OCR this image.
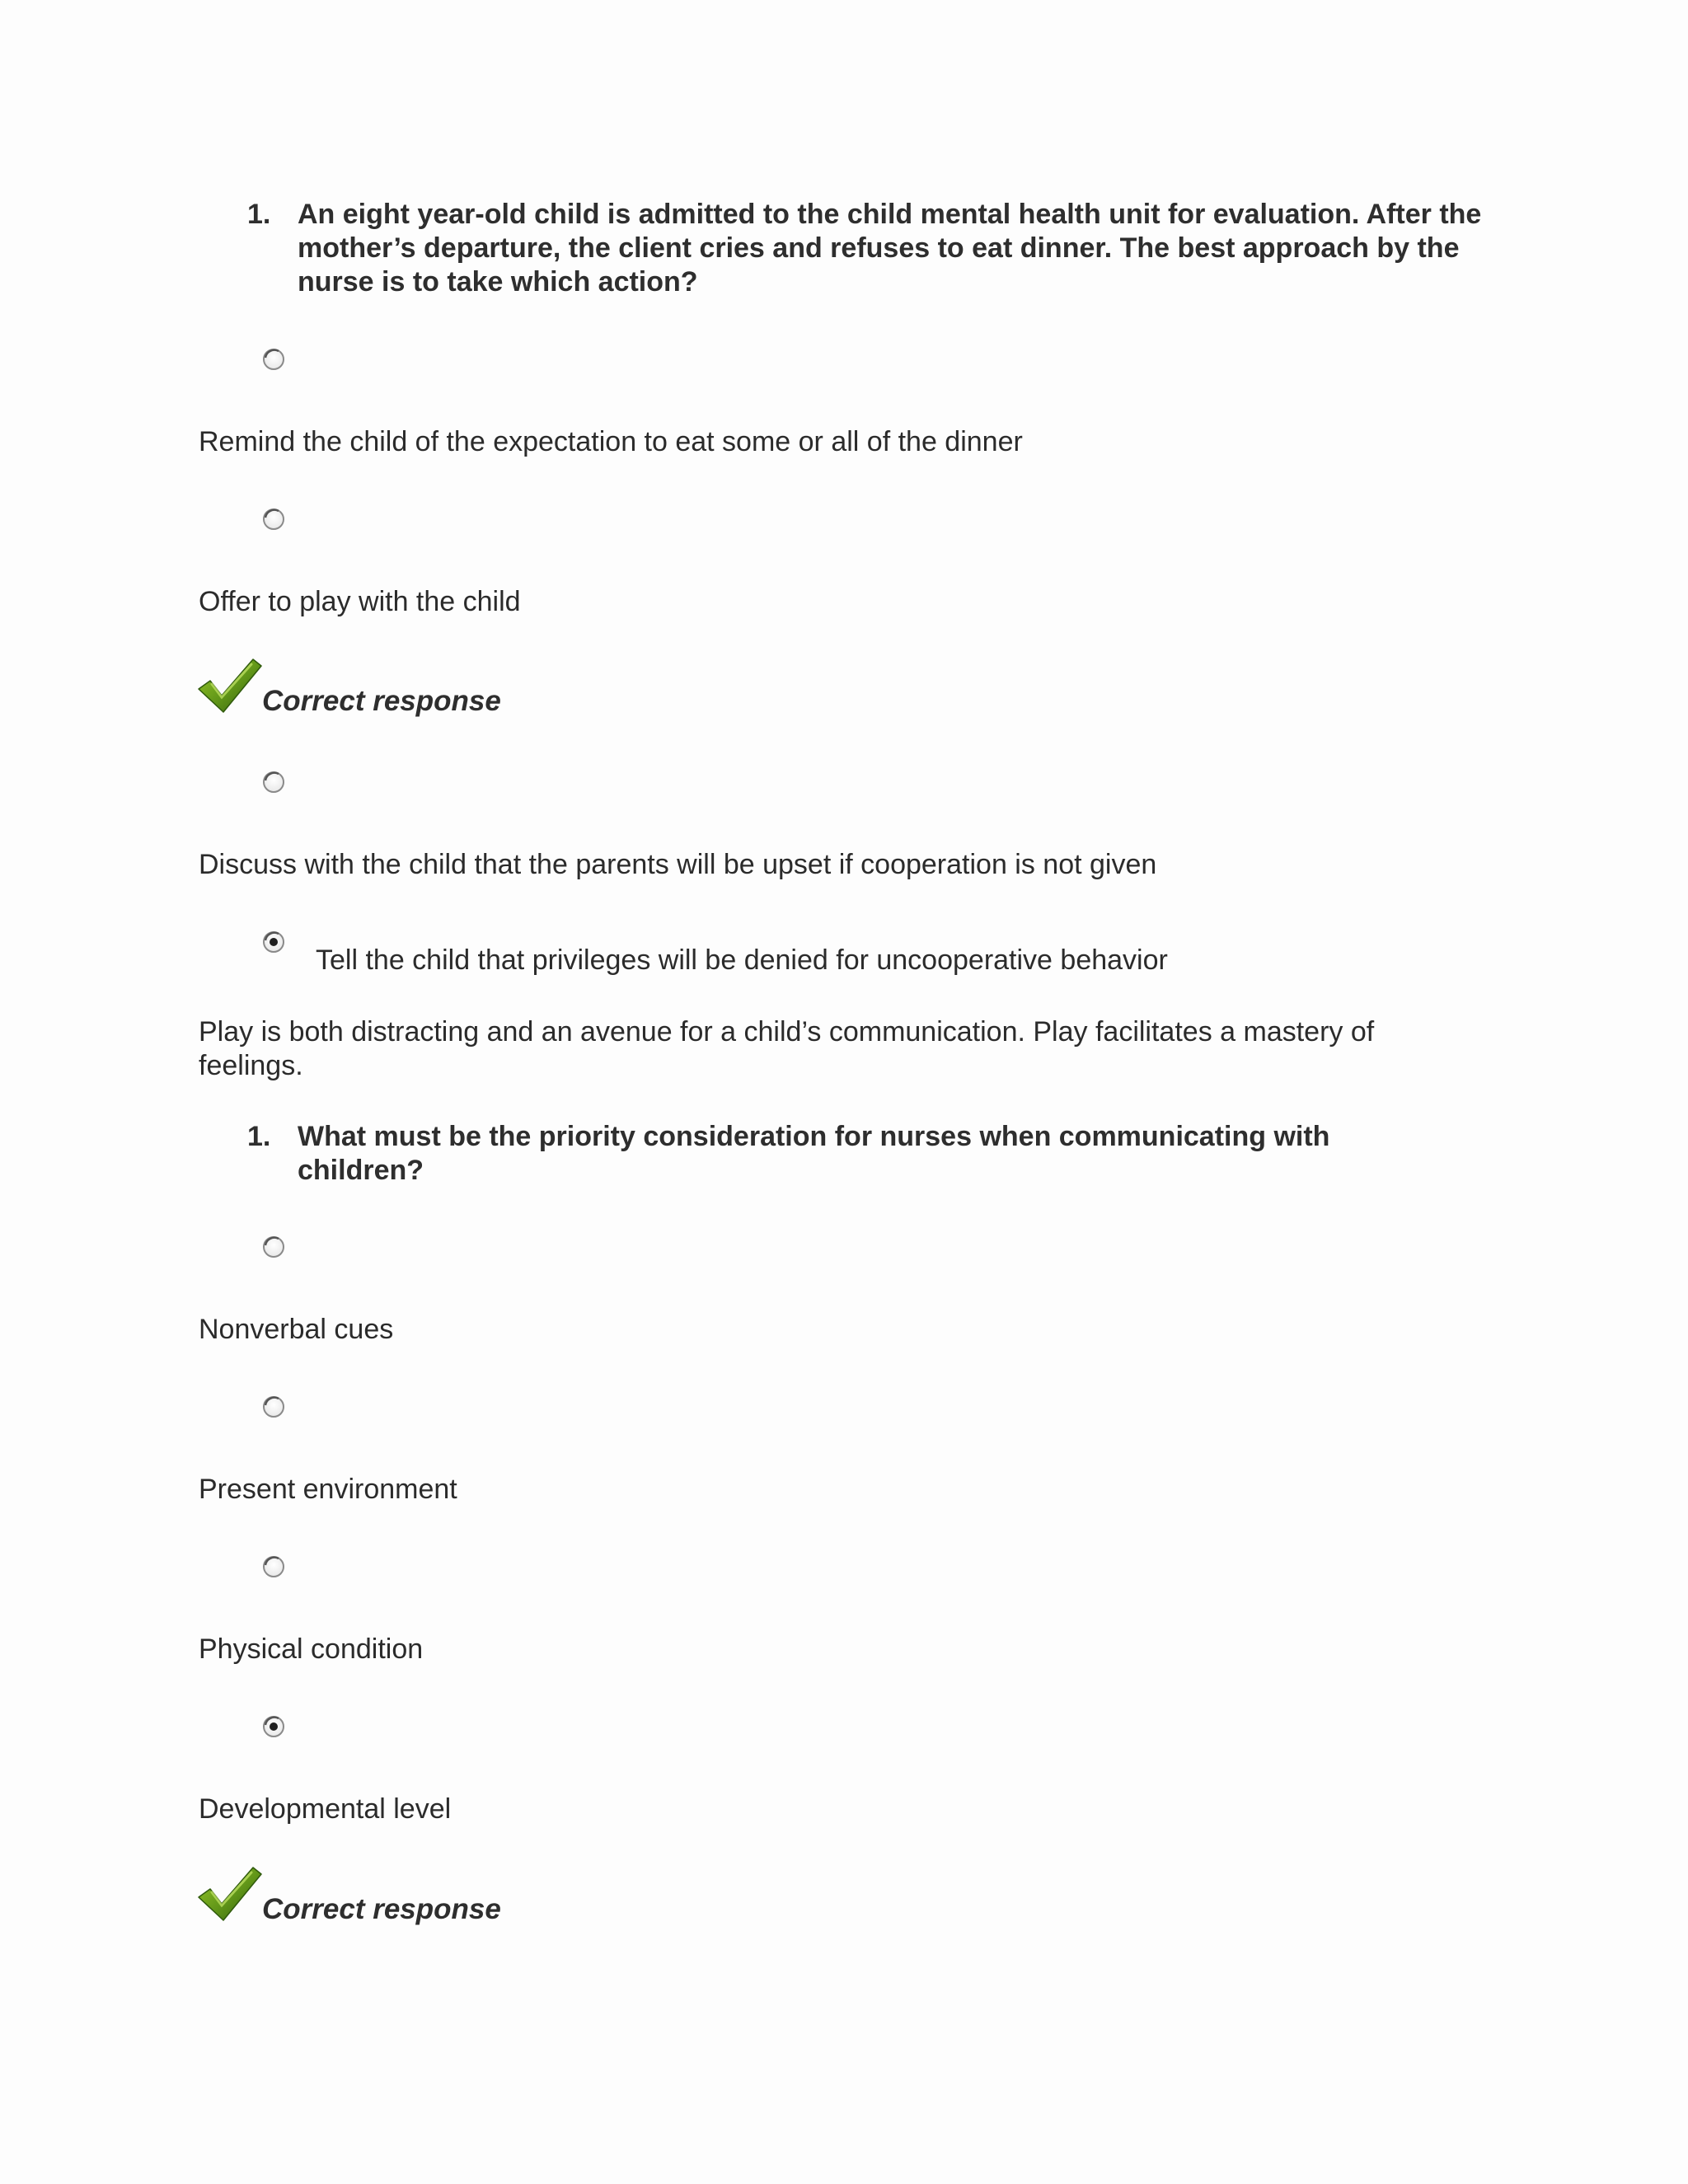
1. An eight year-old child is admitted to the child mental health unit for evaluation. After the mother’s departure, the client cries and refuses to eat dinner. The best approach by the nurse is to take which action?
Remind the child of the expectation to eat some or all of the dinner
Offer to play with the child
Correct response
Discuss with the child that the parents will be upset if cooperation is not given
Tell the child that privileges will be denied for uncooperative behavior
Play is both distracting and an avenue for a child’s communication. Play facilitates a mastery of feelings.
1. What must be the priority consideration for nurses when communicating with children?
Nonverbal cues
Present environment
Physical condition
Developmental level
Correct response
